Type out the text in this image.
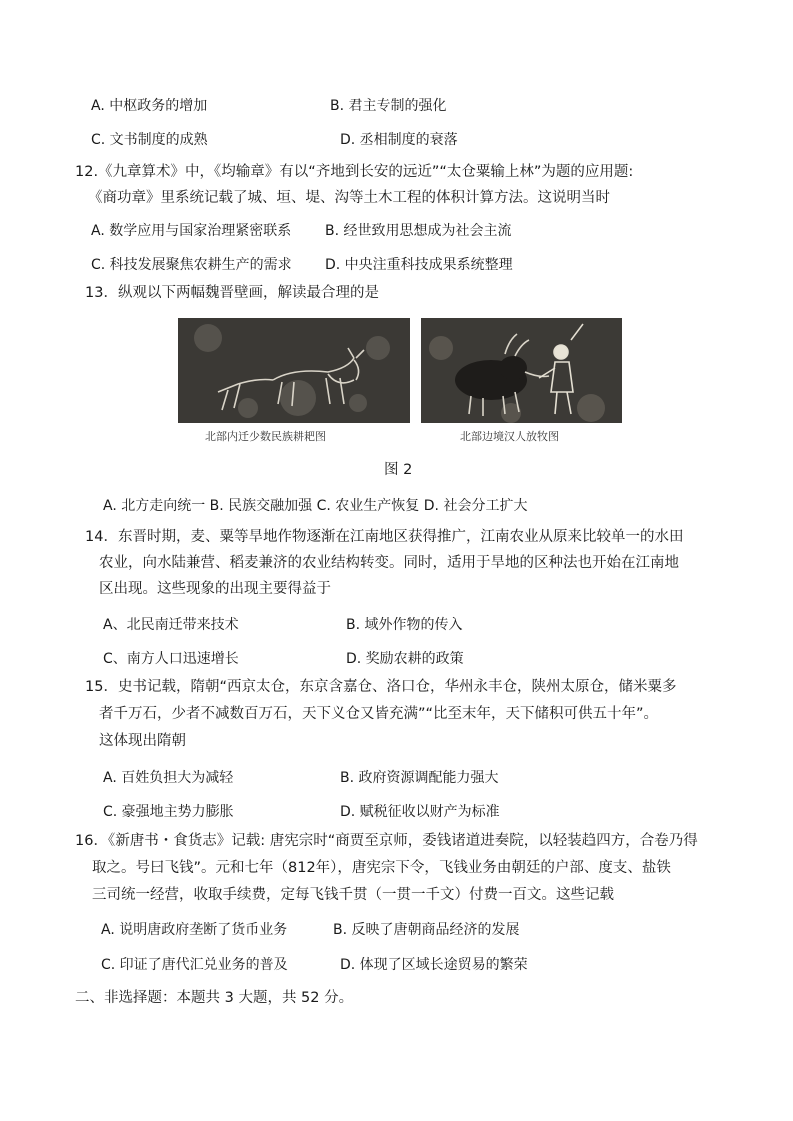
A. 中枢政务的增加	B. 君主专制的强化
C. 文书制度的成熟	D. 丞相制度的衰落
12.《九章算术》中，《均输章》有以“齐地到长安的远近”“太仓粟输上林”为题的应用题:
《商功章》里系统记载了城、垣、堤、沟等土木工程的体积计算方法。这说明当时
A. 数学应用与国家治理紧密联系 B. 经世致用思想成为社会主流
C. 科技发展聚焦农耕生产的需求 D. 中央注重科技成果系统整理
13．纵观以下两幅魏晋壁画，解读最合理的是
北部内迁少数民族耕耙图	北部边境汉人放牧图
图 2
A. 北方走向统一 B. 民族交融加强 C. 农业生产恢复 D. 社会分工扩大
14．东晋时期，麦、粟等旱地作物逐渐在江南地区获得推广，江南农业从原来比较单一的水田
农业，向水陆兼营、稻麦兼济的农业结构转变。同时，适用于旱地的区种法也开始在江南地
区出现。这些现象的出现主要得益于
A、北民南迁带来技术	B. 域外作物的传入
C、南方人口迅速增长	D. 奖励农耕的政策
15．史书记载，隋朝“西京太仓，东京含嘉仓、洛口仓，华州永丰仓，陕州太原仓，储米粟多
者千万石，少者不减数百万石，天下义仓又皆充满”“比至末年，天下储积可供五十年”。
这体现出隋朝
A. 百姓负担大为减轻	B. 政府资源调配能力强大
C. 豪强地主势力膨胀	D. 赋税征收以财产为标准
16．《新唐书・食货志》记载: 唐宪宗时“商贾至京师，委钱诸道进奏院，以轻装趋四方，合卷乃得
取之。号曰飞钱”。元和七年（812年），唐宪宗下令，飞钱业务由朝廷的户部、度支、盐铁
三司统一经营，收取手续费，定每飞钱千贯（一贯一千文）付费一百文。这些记载
A. 说明唐政府垄断了货币业务	B. 反映了唐朝商品经济的发展
C. 印证了唐代汇兑业务的普及	D. 体现了区域长途贸易的繁荣
二、非选择题：本题共 3 大题，共 52 分。
